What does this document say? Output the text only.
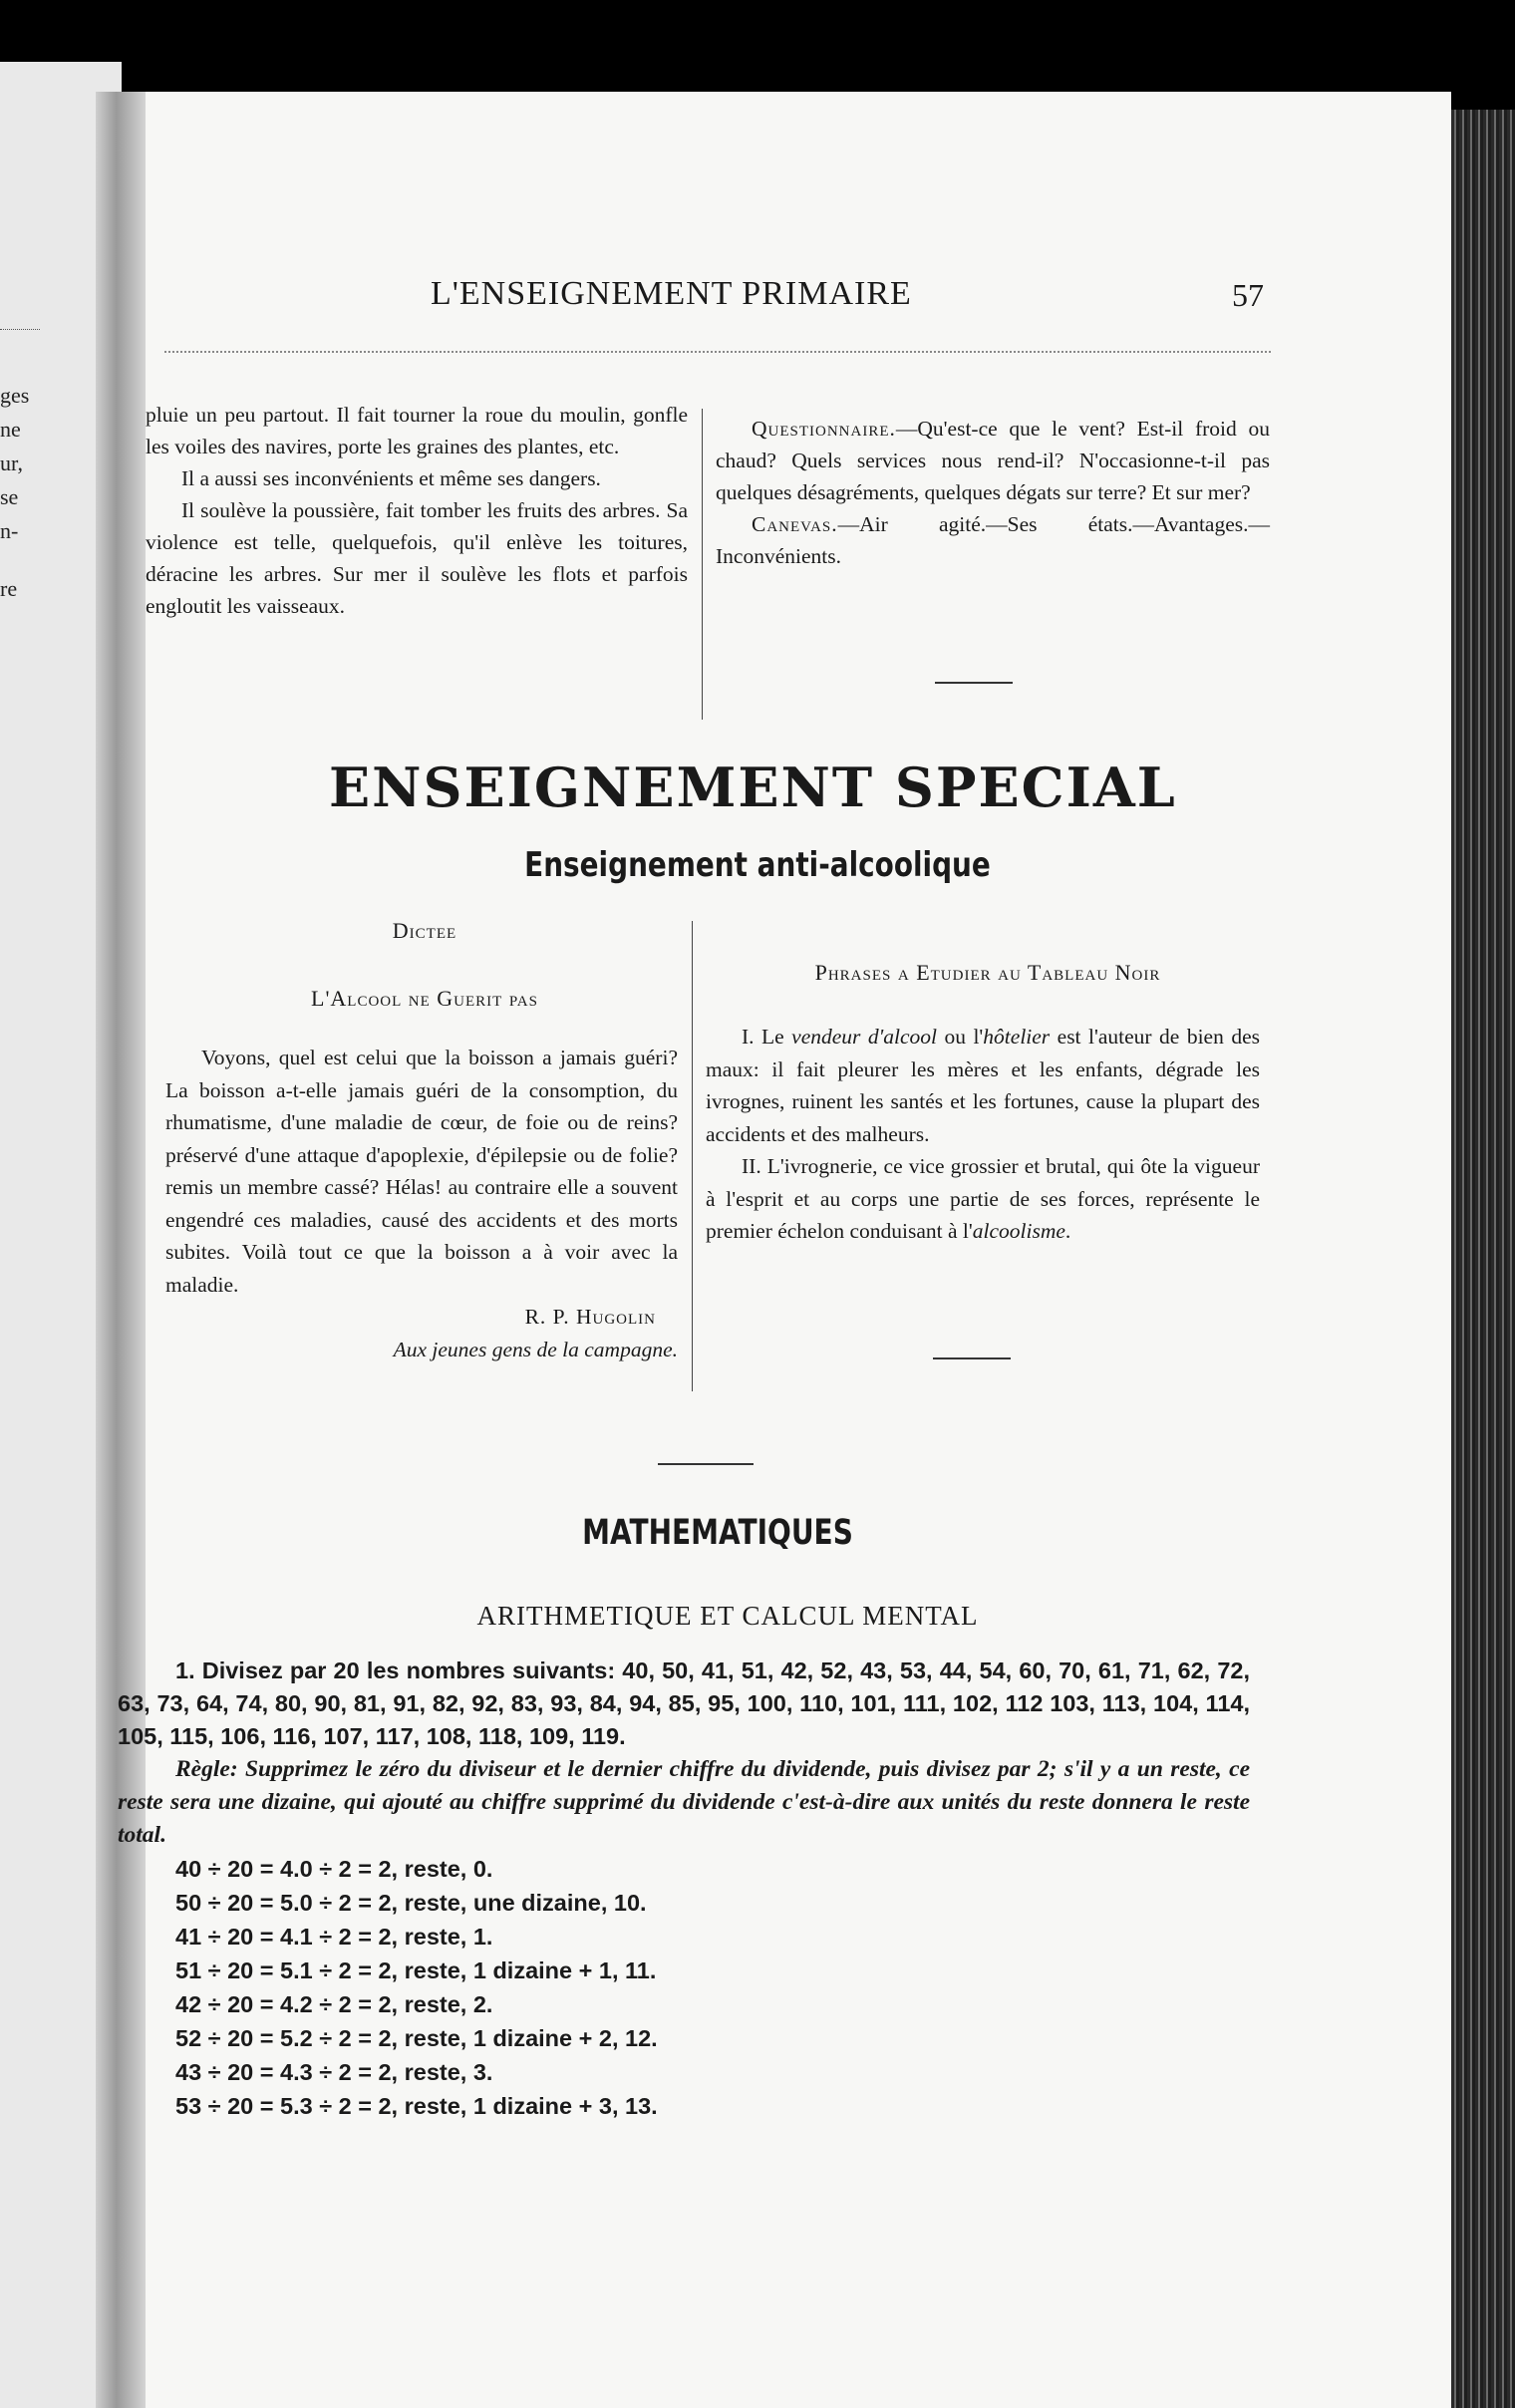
ges
ne
ur,
se
n-
re
L'ENSEIGNEMENT PRIMAIRE	57

pluie un peu partout. Il fait tourner la roue du moulin, gonfle les voiles des navires, porte les graines des plantes, etc.

Il a aussi ses inconvénients et même ses dangers.

Il soulève la poussière, fait tomber les fruits des arbres. Sa violence est telle, quelquefois, qu'il enlève les toitures, déracine les arbres. Sur mer il soulève les flots et parfois engloutit les vaisseaux.

Questionnaire.—Qu'est-ce que le vent? Est-il froid ou chaud? Quels services nous rend-il? N'occasionne-t-il pas quelques désagréments, quelques dégats sur terre? Et sur mer?

Canevas.—Air agité.—Ses états.—Avantages.—Inconvénients.

ENSEIGNEMENT SPECIAL
Enseignement anti-alcoolique
Dictee
L'Alcool ne Guerit pas

Voyons, quel est celui que la boisson a jamais guéri? La boisson a-t-elle jamais guéri de la consomption, du rhumatisme, d'une maladie de cœur, de foie ou de reins? préservé d'une attaque d'apoplexie, d'épilepsie ou de folie? remis un membre cassé? Hélas! au contraire elle a souvent engendré ces maladies, causé des accidents et des morts subites. Voilà tout ce que la boisson a à voir avec la maladie.

R. P. Hugolin

Aux jeunes gens de la campagne.

Phrases a Etudier au Tableau Noir

I. Le vendeur d'alcool ou l'hôtelier est l'auteur de bien des maux: il fait pleurer les mères et les enfants, dégrade les ivrognes, ruinent les santés et les fortunes, cause la plupart des accidents et des malheurs.

II. L'ivrognerie, ce vice grossier et brutal, qui ôte la vigueur à l'esprit et au corps une partie de ses forces, représente le premier échelon conduisant à l'alcoolisme.

MATHEMATIQUES
ARITHMETIQUE ET CALCUL MENTAL

1. Divisez par 20 les nombres suivants: 40, 50, 41, 51, 42, 52, 43, 53, 44, 54, 60, 70, 61, 71, 62, 72, 63, 73, 64, 74, 80, 90, 81, 91, 82, 92, 83, 93, 84, 94, 85, 95, 100, 110, 101, 111, 102, 112 103, 113, 104, 114, 105, 115, 106, 116, 107, 117, 108, 118, 109, 119.

Règle: Supprimez le zéro du diviseur et le dernier chiffre du dividende, puis divisez par 2; s'il y a un reste, ce reste sera une dizaine, qui ajouté au chiffre supprimé du dividende c'est-à-dire aux unités du reste donnera le reste total.

40 ÷ 20 = 4.0 ÷ 2 = 2, reste, 0.
50 ÷ 20 = 5.0 ÷ 2 = 2, reste, une dizaine, 10.
41 ÷ 20 = 4.1 ÷ 2 = 2, reste, 1.
51 ÷ 20 = 5.1 ÷ 2 = 2, reste, 1 dizaine + 1, 11.
42 ÷ 20 = 4.2 ÷ 2 = 2, reste, 2.
52 ÷ 20 = 5.2 ÷ 2 = 2, reste, 1 dizaine + 2, 12.
43 ÷ 20 = 4.3 ÷ 2 = 2, reste, 3.
53 ÷ 20 = 5.3 ÷ 2 = 2, reste, 1 dizaine + 3, 13.
